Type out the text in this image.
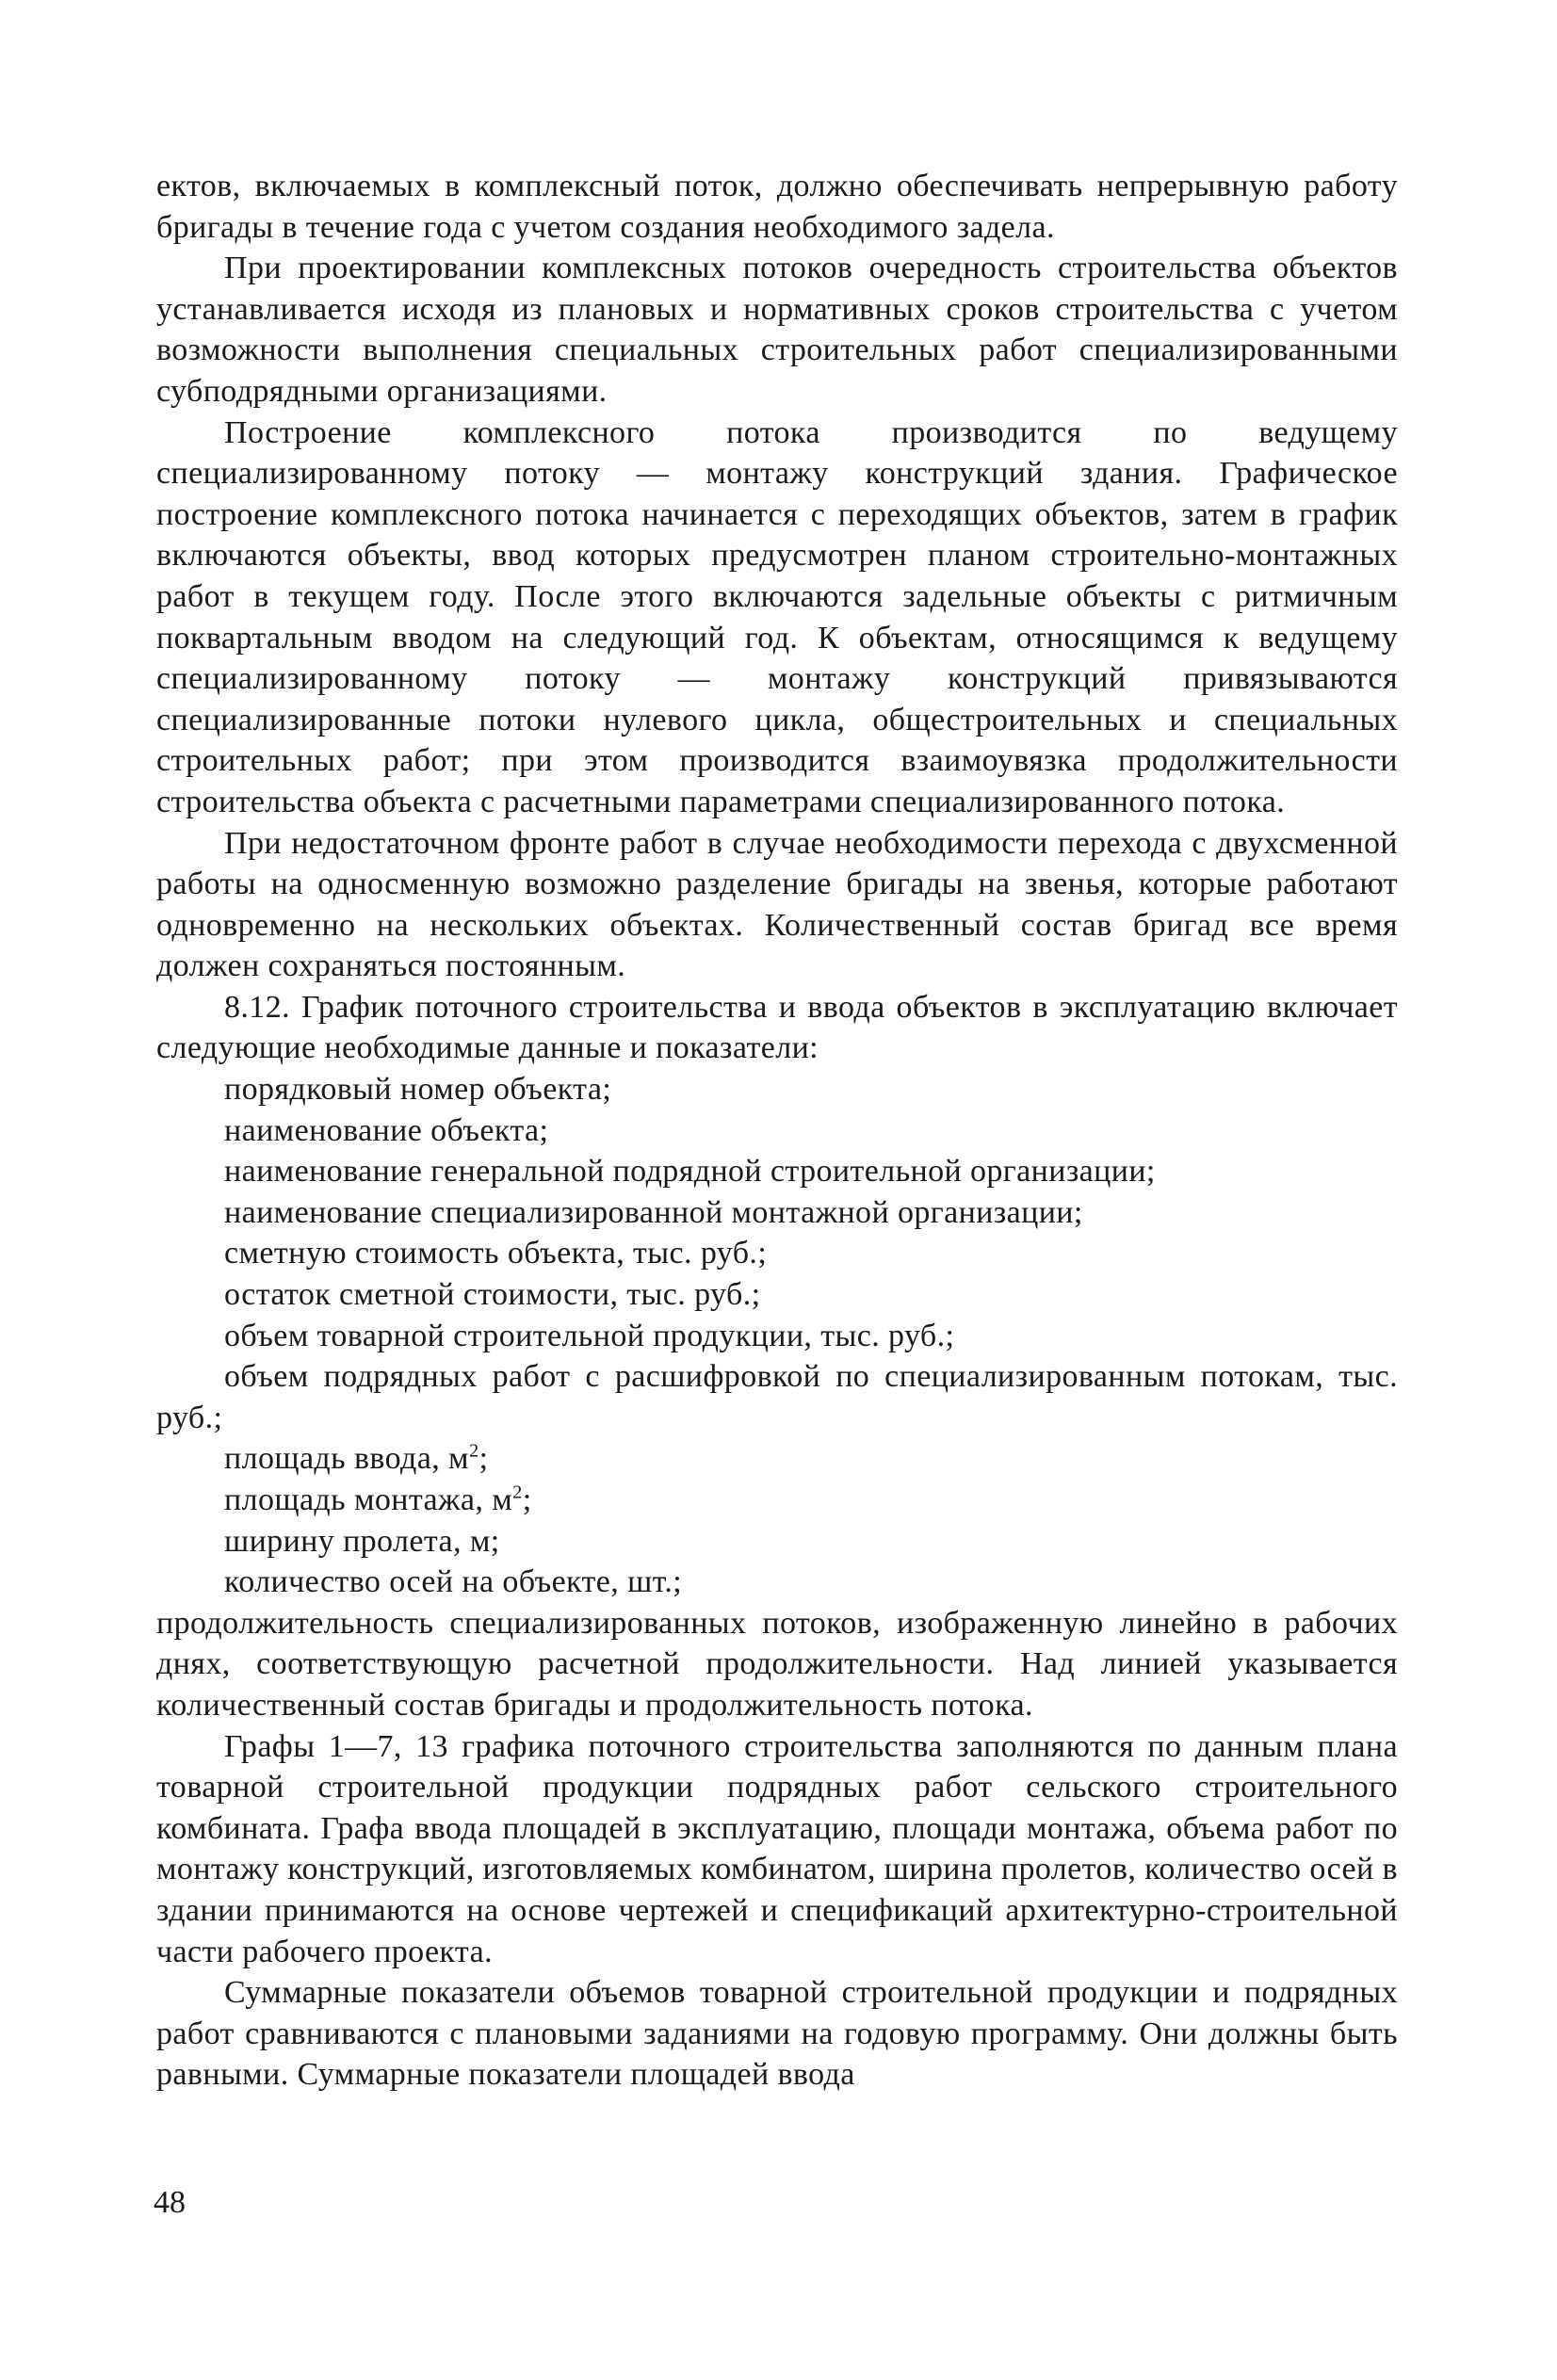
ектов, включаемых в комплексный поток, должно обеспечивать непрерывную работу бригады в течение года с учетом создания необходимого задела.

При проектировании комплексных потоков очередность строительства объектов устанавливается исходя из плановых и нормативных сроков строительства с учетом возможности выполнения специальных строительных работ специализированными субподрядными организациями.

Построение комплексного потока производится по ведущему специализированному потоку — монтажу конструкций здания. Графическое построение комплексного потока начинается с переходящих объектов, затем в график включаются объекты, ввод которых предусмотрен планом строительно-монтажных работ в текущем году. После этого включаются задельные объекты с ритмичным поквартальным вводом на следующий год. К объектам, относящимся к ведущему специализированному потоку — монтажу конструкций привязываются специализированные потоки нулевого цикла, общестроительных и специальных строительных работ; при этом производится взаимоувязка продолжительности строительства объекта с расчетными параметрами специализированного потока.

При недостаточном фронте работ в случае необходимости перехода с двухсменной работы на односменную возможно разделение бригады на звенья, которые работают одновременно на нескольких объектах. Количественный состав бригад все время должен сохраняться постоянным.

8.12. График поточного строительства и ввода объектов в эксплуатацию включает следующие необходимые данные и показатели:

порядковый номер объекта;
наименование объекта;
наименование генеральной подрядной строительной организации;
наименование специализированной монтажной организации;
сметную стоимость объекта, тыс. руб.;
остаток сметной стоимости, тыс. руб.;
объем товарной строительной продукции, тыс. руб.;

объем подрядных работ с расшифровкой по специализированным потокам, тыс. руб.;

площадь ввода, $м^2$;
площадь монтажа, $м^2$;
ширину пролета, м;
количество осей на объекте, шт.;

продолжительность специализированных потоков, изображенную линейно в рабочих днях, соответствующую расчетной продолжительности. Над линией указывается количественный состав бригады и продолжительность потока.

Графы 1—7, 13 графика поточного строительства заполняются по данным плана товарной строительной продукции подрядных работ сельского строительного комбината. Графа ввода площадей в эксплуатацию, площади монтажа, объема работ по монтажу конструкций, изготовляемых комбинатом, ширина пролетов, количество осей в здании принимаются на основе чертежей и спецификаций архитектурно-строительной части рабочего проекта.

Суммарные показатели объемов товарной строительной продукции и подрядных работ сравниваются с плановыми заданиями на годовую программу. Они должны быть равными. Суммарные показатели площадей ввода

48
